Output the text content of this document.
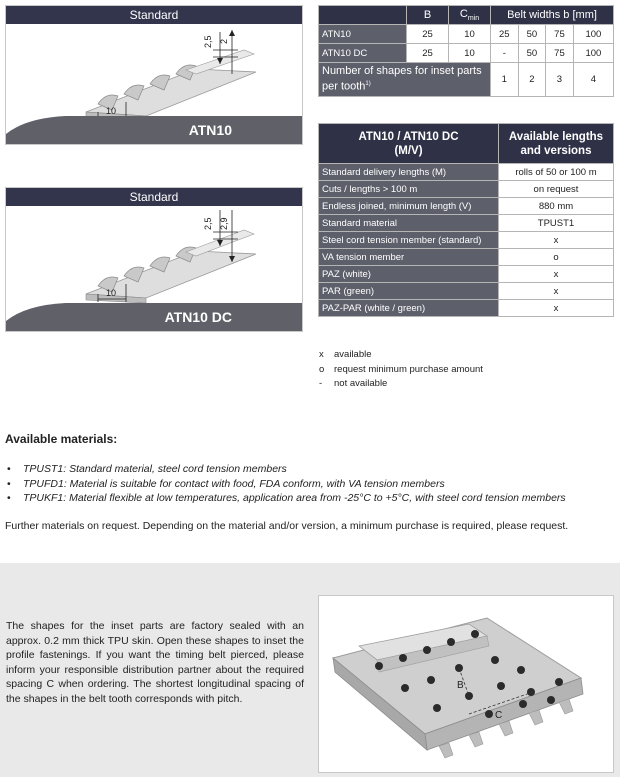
Standard
2,5 2
10
ATN10
Standard
2,5 2,9
10
ATN10 DC
	B	$C_{min}$	Belt widths b [mm]			
ATN10	25	10	25	50	75	100
ATN10 DC	25	10	-	50	75	100
Number of shapes for inset parts per tooth$^{1)}$			1	2	3	4
ATN10 / ATN10 DC (M/V)	Available lengths and versions
Standard delivery lengths (M)	rolls of 50 or 100 m
Cuts / lengths > 100 m	on request
Endless joined, minimum length (V)	880 mm
Standard material	TPUST1
Steel cord tension member (standard)	x
VA tension member	o
PAZ (white)	x
PAR (green)	x
PAZ-PAR (white / green)	x
x	available
o	request minimum purchase amount
-	not available
Available materials:
•	TPUST1: Standard material, steel cord tension members
•	TPUFD1: Material is suitable for contact with food, FDA conform, with VA tension members
•	TPUKF1: Material flexible at low temperatures, application area from -25°C to +5°C, with steel cord tension members
Further materials on request. Depending on the material and/or version, a minimum purchase is required, please request.
The shapes for the inset parts are factory sealed with an approx. 0.2 mm thick TPU skin. Open these shapes to inset the profile fastenings. If you want the timing belt pierced, please inform your responsible distribution partner about the required spacing C when ordering. The shortest longitudinal spacing of the shapes in the belt tooth corresponds with pitch.
B
C
